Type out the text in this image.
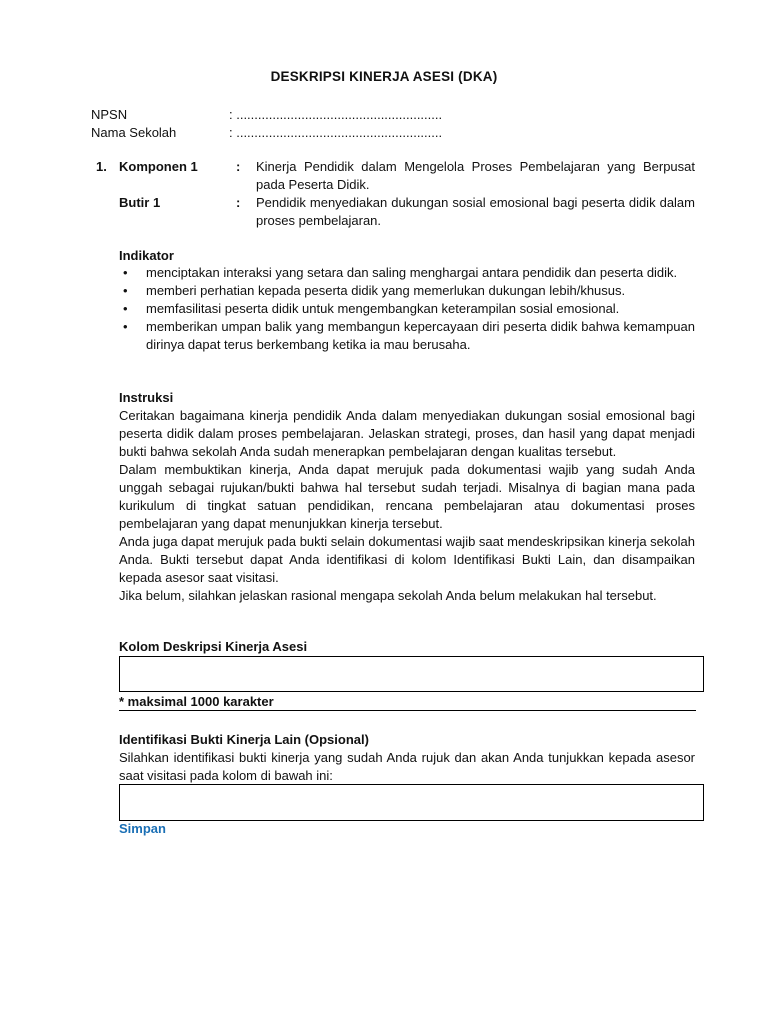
DESKRIPSI KINERJA ASESI (DKA)
NPSN	: .........................................................
Nama Sekolah	: .........................................................
1. Komponen 1	: Kinerja Pendidik dalam Mengelola Proses Pembelajaran yang Berpusat pada Peserta Didik.
Butir 1	: Pendidik menyediakan dukungan sosial emosional bagi peserta didik dalam proses pembelajaran.
Indikator
• menciptakan interaksi yang setara dan saling menghargai antara pendidik dan peserta didik.
• memberi perhatian kepada peserta didik yang memerlukan dukungan lebih/khusus.
• memfasilitasi peserta didik untuk mengembangkan keterampilan sosial emosional.
• memberikan umpan balik yang membangun kepercayaan diri peserta didik bahwa kemampuan dirinya dapat terus berkembang ketika ia mau berusaha.
Instruksi

Ceritakan bagaimana kinerja pendidik Anda dalam menyediakan dukungan sosial emosional bagi peserta didik dalam proses pembelajaran. Jelaskan strategi, proses, dan hasil yang dapat menjadi bukti bahwa sekolah Anda sudah menerapkan pembelajaran dengan kualitas tersebut.

Dalam membuktikan kinerja, Anda dapat merujuk pada dokumentasi wajib yang sudah Anda unggah sebagai rujukan/bukti bahwa hal tersebut sudah terjadi. Misalnya di bagian mana pada kurikulum di tingkat satuan pendidikan, rencana pembelajaran atau dokumentasi proses pembelajaran yang dapat menunjukkan kinerja tersebut.

Anda juga dapat merujuk pada bukti selain dokumentasi wajib saat mendeskripsikan kinerja sekolah Anda. Bukti tersebut dapat Anda identifikasi di kolom Identifikasi Bukti Lain, dan disampaikan kepada asesor saat visitasi.

Jika belum, silahkan jelaskan rasional mengapa sekolah Anda belum melakukan hal tersebut.

Kolom Deskripsi Kinerja Asesi
* maksimal 1000 karakter
Identifikasi Bukti Kinerja Lain (Opsional)
Silahkan identifikasi bukti kinerja yang sudah Anda rujuk dan akan Anda tunjukkan kepada asesor saat visitasi pada kolom di bawah ini:
Simpan
